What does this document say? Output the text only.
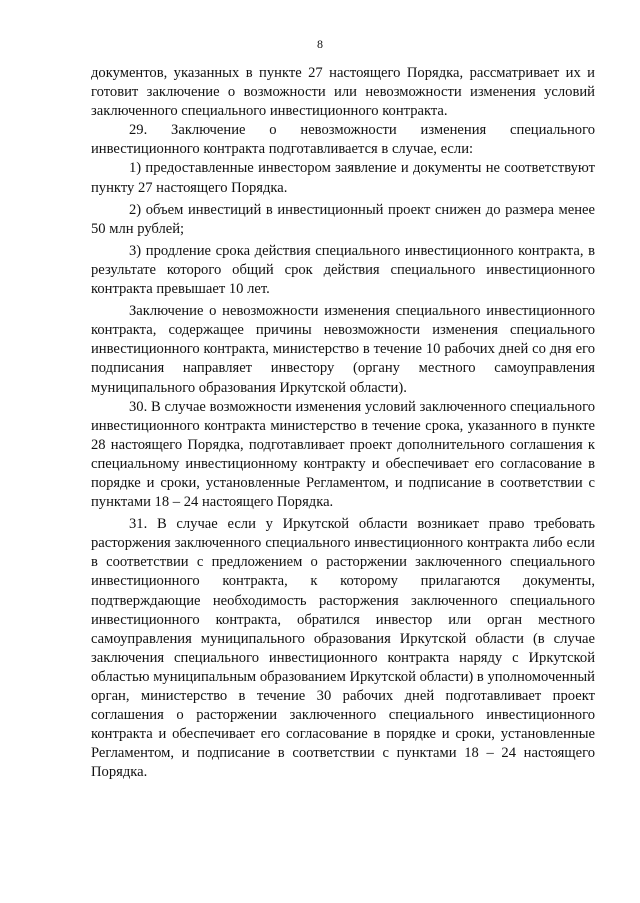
8

документов, указанных в пункте 27 настоящего Порядка, рассматривает их и готовит заключение о возможности или невозможности изменения условий заключенного специального инвестиционного контракта.

29. Заключение о невозможности изменения специального инвестиционного контракта подготавливается в случае, если:

1) предоставленные инвестором заявление и документы не соответствуют пункту 27 настоящего Порядка.

2) объем инвестиций в инвестиционный проект снижен до размера менее 50 млн рублей;

3) продление срока действия специального инвестиционного контракта, в результате которого общий срок действия специального инвестиционного контракта превышает 10 лет.

Заключение о невозможности изменения специального инвестиционного контракта, содержащее причины невозможности изменения специального инвестиционного контракта, министерство в течение 10 рабочих дней со дня его подписания направляет инвестору (органу местного самоуправления муниципального образования Иркутской области).

30. В случае возможности изменения условий заключенного специального инвестиционного контракта министерство в течение срока, указанного в пункте 28 настоящего Порядка, подготавливает проект дополнительного соглашения к специальному инвестиционному контракту и обеспечивает его согласование в порядке и сроки, установленные Регламентом, и подписание в соответствии с пунктами 18 – 24 настоящего Порядка.

31. В случае если у Иркутской области возникает право требовать расторжения заключенного специального инвестиционного контракта либо если в соответствии с предложением о расторжении заключенного специального инвестиционного контракта, к которому прилагаются документы, подтверждающие необходимость расторжения заключенного специального инвестиционного контракта, обратился инвестор или орган местного самоуправления муниципального образования Иркутской области (в случае заключения специального инвестиционного контракта наряду с Иркутской областью муниципальным образованием Иркутской области) в уполномоченный орган, министерство в течение 30 рабочих дней подготавливает проект соглашения о расторжении заключенного специального инвестиционного контракта и обеспечивает его согласование в порядке и сроки, установленные Регламентом, и подписание в соответствии с пунктами 18 – 24 настоящего Порядка.
